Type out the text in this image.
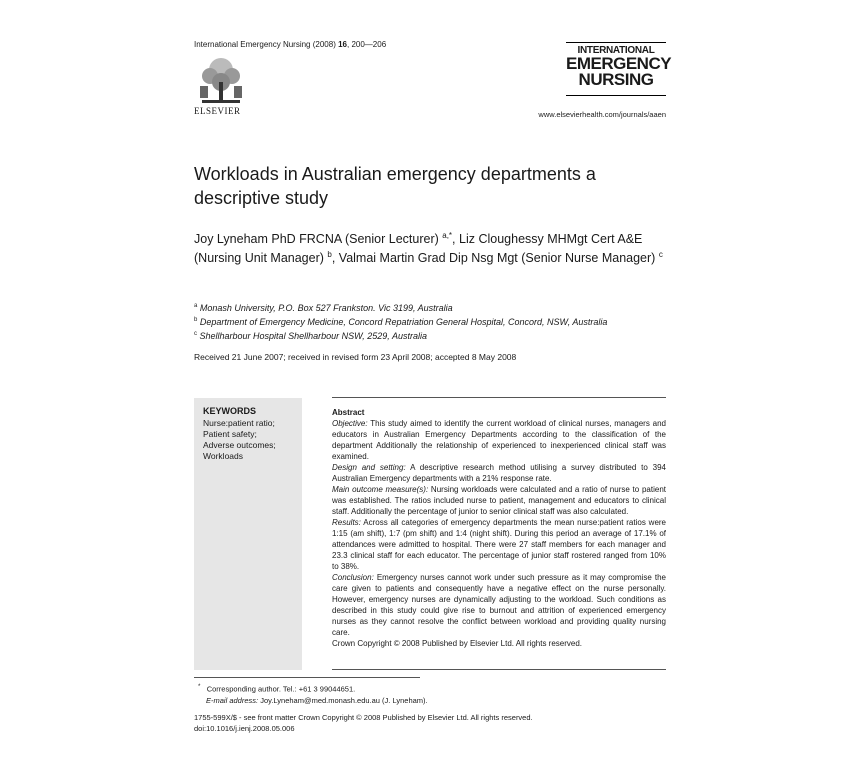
International Emergency Nursing (2008) 16, 200—206
ELSEVIER
INTERNATIONAL
EMERGENCY
NURSING

www.elsevierhealth.com/journals/aaen
Workloads in Australian emergency departments a descriptive study
Joy Lyneham PhD FRCNA (Senior Lecturer) $^{a,*}$, Liz Cloughessy MHMgt Cert A&E (Nursing Unit Manager) $^b$, Valmai Martin Grad Dip Nsg Mgt (Senior Nurse Manager) $^c$
$^a$ Monash University, P.O. Box 527 Frankston. Vic 3199, Australia
$^b$ Department of Emergency Medicine, Concord Repatriation General Hospital, Concord, NSW, Australia
$^c$ Shellharbour Hospital Shellharbour NSW, 2529, Australia
Received 21 June 2007; received in revised form 23 April 2008; accepted 8 May 2008
KEYWORDS
Nurse:patient ratio;
Patient safety;
Adverse outcomes;
Workloads
Abstract
Objective: This study aimed to identify the current workload of clinical nurses, managers and educators in Australian Emergency Departments according to the classification of the department Additionally the relationship of experienced to inexperienced clinical staff was examined.
Design and setting: A descriptive research method utilising a survey distributed to 394 Australian Emergency departments with a 21% response rate.
Main outcome measure(s): Nursing workloads were calculated and a ratio of nurse to patient was established. The ratios included nurse to patient, management and educators to clinical staff. Additionally the percentage of junior to senior clinical staff was also calculated.
Results: Across all categories of emergency departments the mean nurse:patient ratios were 1:15 (am shift), 1:7 (pm shift) and 1:4 (night shift). During this period an average of 17.1% of attendances were admitted to hospital. There were 27 staff members for each manager and 23.3 clinical staff for each educator. The percentage of junior staff rostered ranged from 10% to 38%.
Conclusion: Emergency nurses cannot work under such pressure as it may compromise the care given to patients and consequently have a negative effect on the nurse personally. However, emergency nurses are dynamically adjusting to the workload. Such conditions as described in this study could give rise to burnout and attrition of experienced emergency nurses as they cannot resolve the conflict between workload and providing quality nursing care.
Crown Copyright © 2008 Published by Elsevier Ltd. All rights reserved.
* Corresponding author. Tel.: +61 3 99044651.
E-mail address: Joy.Lyneham@med.monash.edu.au (J. Lyneham).
1755-599X/$ - see front matter Crown Copyright © 2008 Published by Elsevier Ltd. All rights reserved.
doi:10.1016/j.ienj.2008.05.006
